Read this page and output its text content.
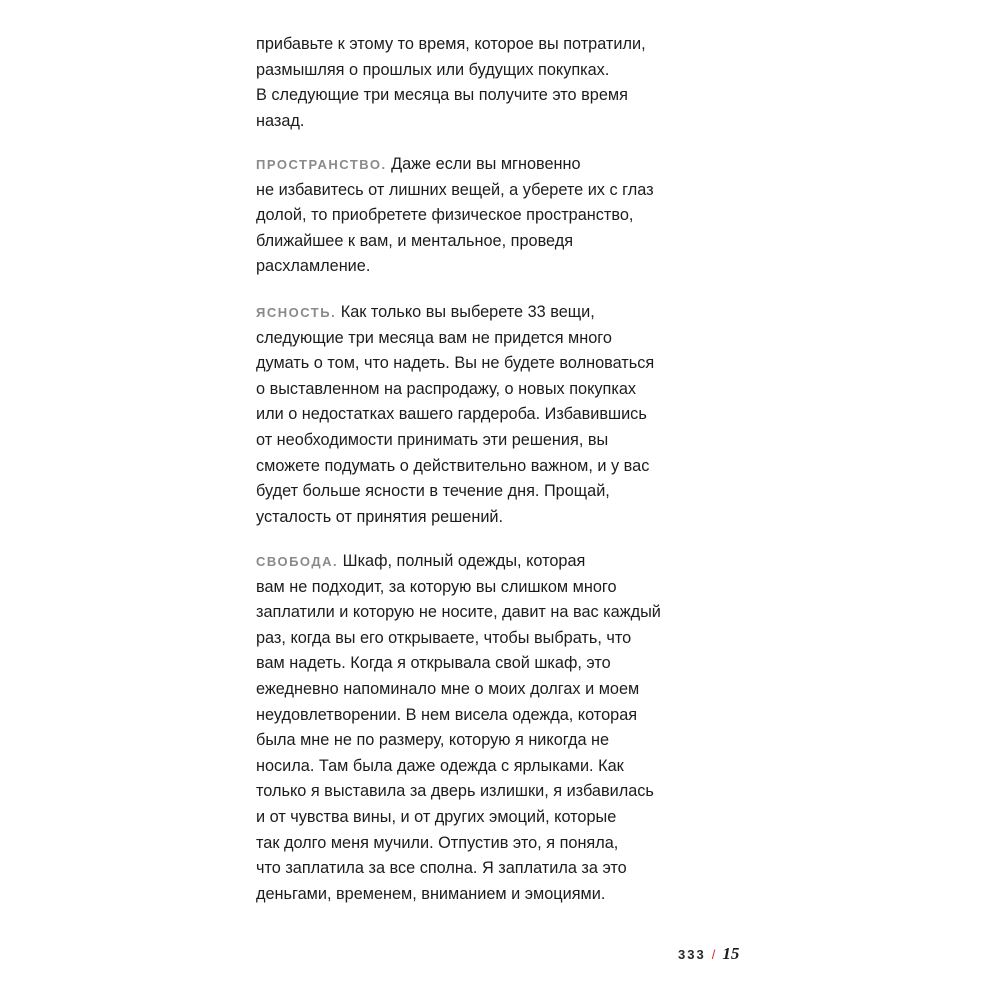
прибавьте к этому то время, которое вы потратили,
размышляя о прошлых или будущих покупках.
В следующие три месяца вы получите это время
назад.
ПРОСТРАНСТВО. Даже если вы мгновенно
не избавитесь от лишних вещей, а уберете их с глаз
долой, то приобретете физическое пространство,
ближайшее к вам, и ментальное, проведя
расхламление.
ЯСНОСТЬ. Как только вы выберете 33 вещи,
следующие три месяца вам не придется много
думать о том, что надеть. Вы не будете волноваться
о выставленном на распродажу, о новых покупках
или о недостатках вашего гардероба. Избавившись
от необходимости принимать эти решения, вы
сможете подумать о действительно важном, и у вас
будет больше ясности в течение дня. Прощай,
усталость от принятия решений.
СВОБОДА. Шкаф, полный одежды, которая
вам не подходит, за которую вы слишком много
заплатили и которую не носите, давит на вас каждый
раз, когда вы его открываете, чтобы выбрать, что
вам надеть. Когда я открывала свой шкаф, это
ежедневно напоминало мне о моих долгах и моем
неудовлетворении. В нем висела одежда, которая
была мне не по размеру, которую я никогда не
носила. Там была даже одежда с ярлыками. Как
только я выставила за дверь излишки, я избавилась
и от чувства вины, и от других эмоций, которые
так долго меня мучили. Отпустив это, я поняла,
что заплатила за все сполна. Я заплатила за это
деньгами, временем, вниманием и эмоциями.
333 / 15
